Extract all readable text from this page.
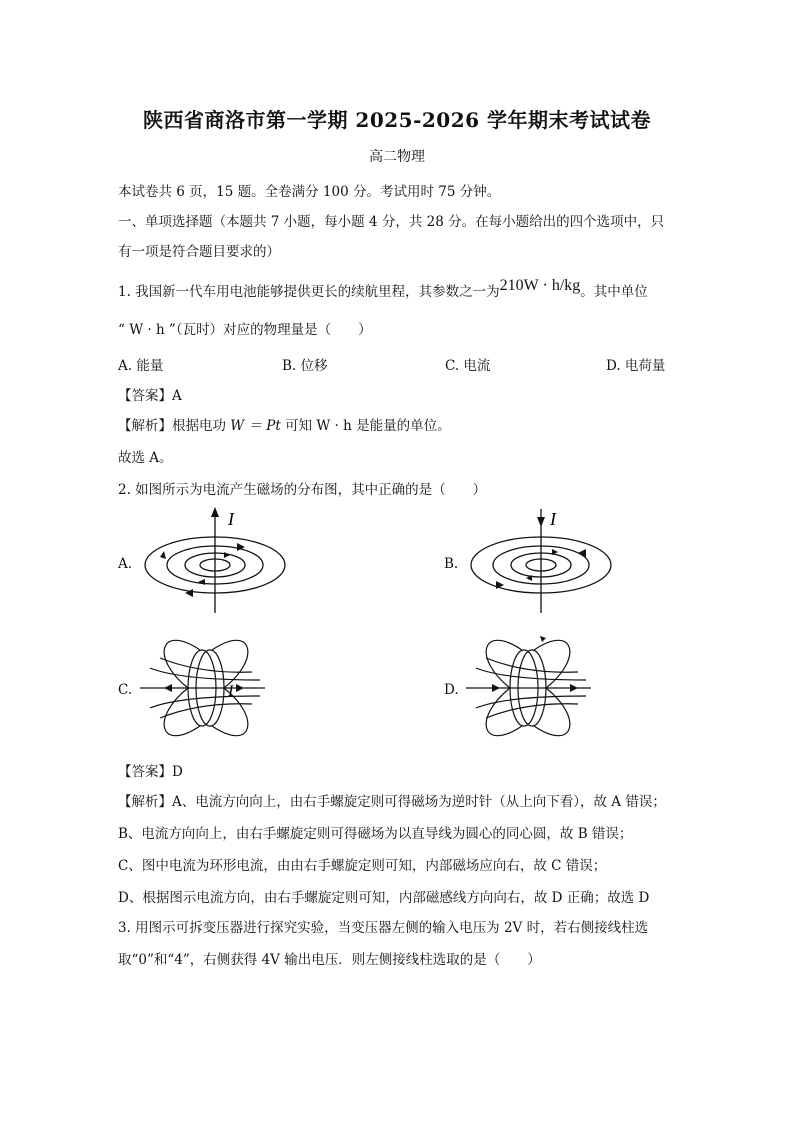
陕西省商洛市第一学期 2025-2026 学年期末考试试卷
高二物理
本试卷共 6 页，15 题。全卷满分 100 分。考试用时 75 分钟。
一、单项选择题（本题共 7 小题，每小题 4 分，共 28 分。在每小题给出的四个选项中，只
有一项是符合题目要求的）
1. 我国新一代车用电池能够提供更长的续航里程，其参数之一为210W · h/kg。其中单位
“ W · h ”（瓦时）对应的物理量是（　　）
A. 能量	B. 位移	C. 电流	D. 电荷量
【答案】A
【解析】根据电功 W ＝ Pt 可知 W · h 是能量的单位。
故选 A。
2. 如图所示为电流产生磁场的分布图，其中正确的是（　　）
A.	B.
C.	D.
I	I
I
【答案】D
【解析】A、电流方向向上，由右手螺旋定则可得磁场为逆时针（从上向下看），故 A 错误；
B、电流方向向上，由右手螺旋定则可得磁场为以直导线为圆心的同心圆，故 B 错误；
C、图中电流为环形电流，由由右手螺旋定则可知，内部磁场应向右，故 C 错误；
D、根据图示电流方向，由右手螺旋定则可知，内部磁感线方向向右，故 D 正确；故选 D
3. 用图示可拆变压器进行探究实验，当变压器左侧的输入电压为 2V 时，若右侧接线柱选
取“0”和“4”，右侧获得 4V 输出电压．则左侧接线柱选取的是（　　）
